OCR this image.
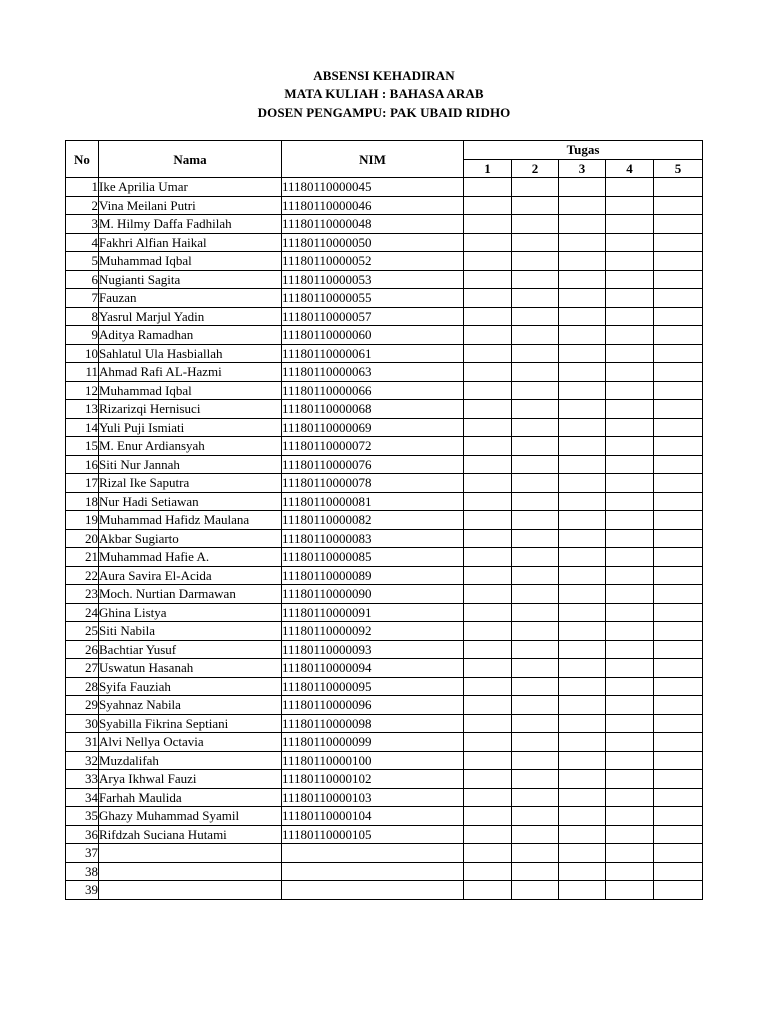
ABSENSI KEHADIRAN
MATA KULIAH : BAHASA ARAB
DOSEN PENGAMPU: PAK UBAID RIDHO
No	Nama	NIM	Tugas				
			1	2	3	4	5
1	Ike Aprilia Umar	11180110000045					
2	Vina Meilani Putri	11180110000046					
3	M. Hilmy Daffa Fadhilah	11180110000048					
4	Fakhri Alfian Haikal	11180110000050					
5	Muhammad Iqbal	11180110000052					
6	Nugianti Sagita	11180110000053					
7	Fauzan	11180110000055					
8	Yasrul Marjul Yadin	11180110000057					
9	Aditya Ramadhan	11180110000060					
10	Sahlatul Ula Hasbiallah	11180110000061					
11	Ahmad Rafi AL-Hazmi	11180110000063					
12	Muhammad Iqbal	11180110000066					
13	Rizarizqi Hernisuci	11180110000068					
14	Yuli Puji Ismiati	11180110000069					
15	M. Enur Ardiansyah	11180110000072					
16	Siti Nur Jannah	11180110000076					
17	Rizal Ike Saputra	11180110000078					
18	Nur Hadi Setiawan	11180110000081					
19	Muhammad Hafidz Maulana	11180110000082					
20	Akbar Sugiarto	11180110000083					
21	Muhammad Hafie A.	11180110000085					
22	Aura Savira El-Acida	11180110000089					
23	Moch. Nurtian Darmawan	11180110000090					
24	Ghina Listya	11180110000091					
25	Siti Nabila	11180110000092					
26	Bachtiar Yusuf	11180110000093					
27	Uswatun Hasanah	11180110000094					
28	Syifa Fauziah	11180110000095					
29	Syahnaz Nabila	11180110000096					
30	Syabilla Fikrina Septiani	11180110000098					
31	Alvi Nellya Octavia	11180110000099					
32	Muzdalifah	11180110000100					
33	Arya Ikhwal Fauzi	11180110000102					
34	Farhah Maulida	11180110000103					
35	Ghazy Muhammad Syamil	11180110000104					
36	Rifdzah Suciana Hutami	11180110000105					
37							
38							
39							
